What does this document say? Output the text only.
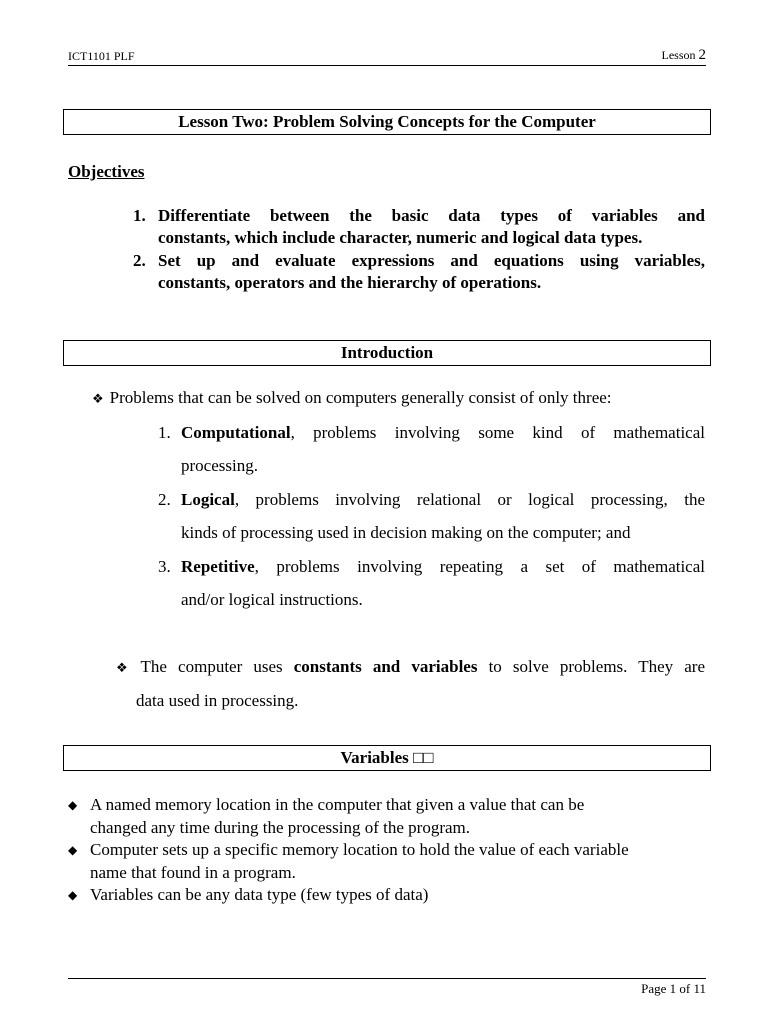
ICT1101 PLF	Lesson 2
Lesson Two: Problem Solving Concepts for the Computer
Objectives
1. Differentiate between the basic data types of variables and
constants, which include character, numeric and logical data types.
2. Set up and evaluate expressions and equations using variables,
constants, operators and the hierarchy of operations.
Introduction
❖ Problems that can be solved on computers generally consist of only three:
1. Computational, problems involving some kind of mathematical
processing.
2. Logical, problems involving relational or logical processing, the
kinds of processing used in decision making on the computer; and
3. Repetitive, problems involving repeating a set of mathematical
and/or logical instructions.
❖ The computer uses constants and variables to solve problems. They are
data used in processing.
Variables □□
◆ A named memory location in the computer that given a value that can be
changed any time during the processing of the program.
◆ Computer sets up a specific memory location to hold the value of each variable
name that found in a program.
◆ Variables can be any data type (few types of data)
Page 1 of 11
